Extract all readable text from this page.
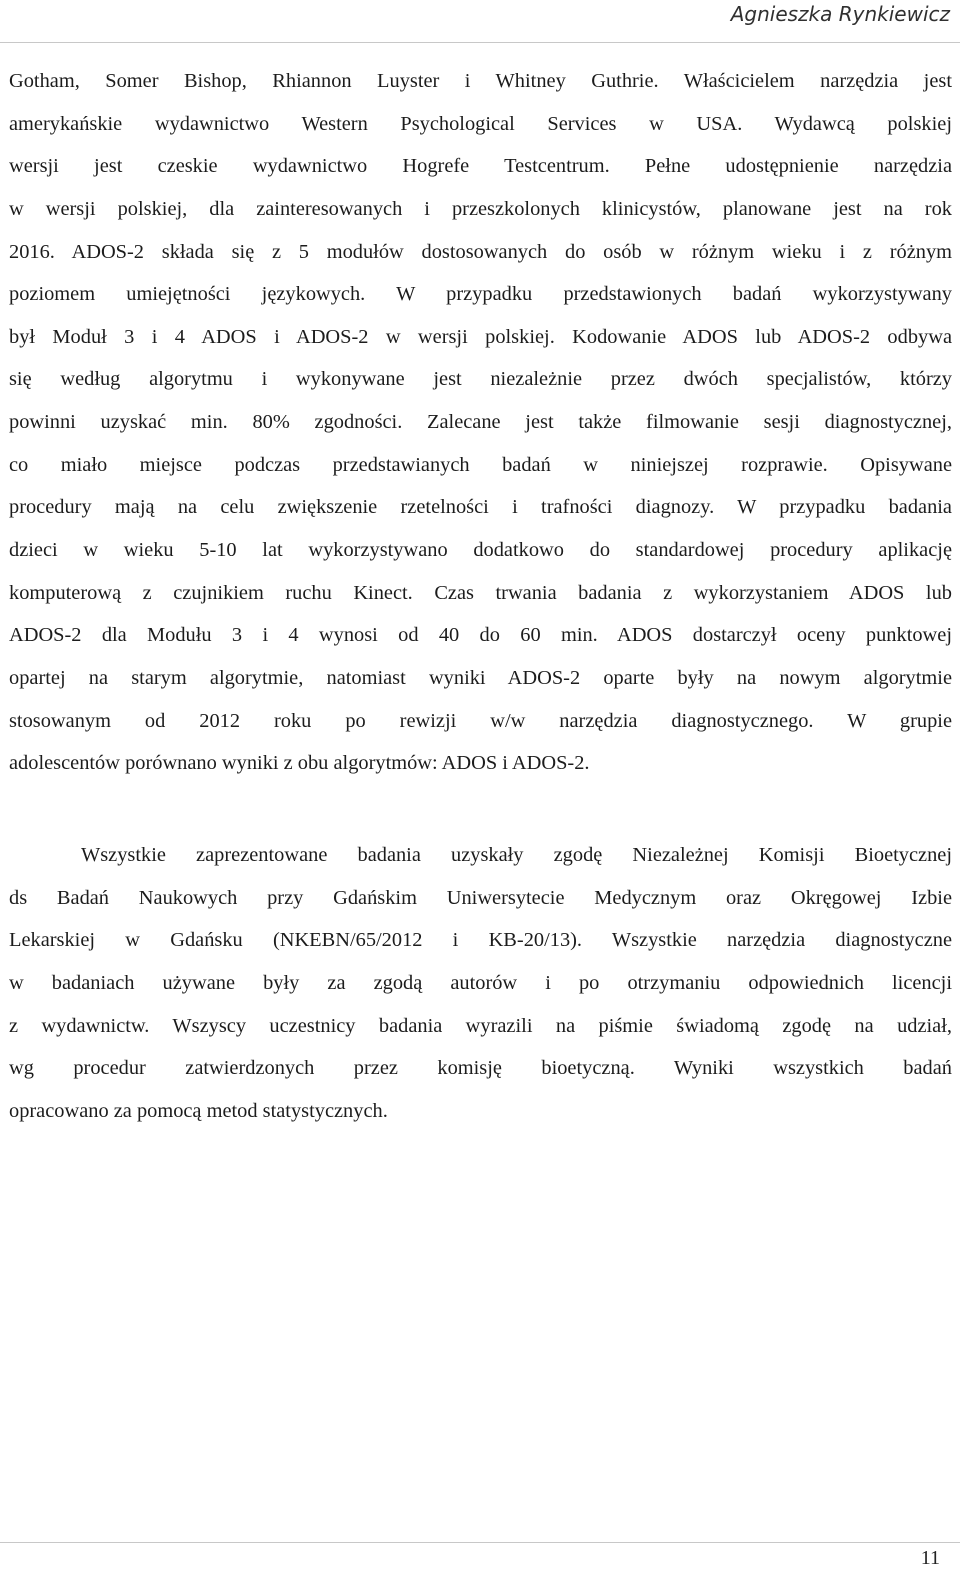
Agnieszka Rynkiewicz
Gotham, Somer Bishop, Rhiannon Luyster i Whitney Guthrie. Właścicielem narzędzia jest
amerykańskie wydawnictwo Western Psychological Services w USA. Wydawcą polskiej
wersji jest czeskie wydawnictwo Hogrefe Testcentrum. Pełne udostępnienie narzędzia
w wersji polskiej, dla zainteresowanych i przeszkolonych klinicystów, planowane jest na rok
2016. ADOS-2 składa się z 5 modułów dostosowanych do osób w różnym wieku i z różnym
poziomem umiejętności językowych. W przypadku przedstawionych badań wykorzystywany
był Moduł 3 i 4 ADOS i ADOS-2 w wersji polskiej. Kodowanie ADOS lub ADOS-2 odbywa
się według algorytmu i wykonywane jest niezależnie przez dwóch specjalistów, którzy
powinni uzyskać min. 80% zgodności. Zalecane jest także filmowanie sesji diagnostycznej,
co miało miejsce podczas przedstawianych badań w niniejszej rozprawie. Opisywane
procedury mają na celu zwiększenie rzetelności i trafności diagnozy. W przypadku badania
dzieci w wieku 5-10 lat wykorzystywano dodatkowo do standardowej procedury aplikację
komputerową z czujnikiem ruchu Kinect. Czas trwania badania z wykorzystaniem ADOS lub
ADOS-2 dla Modułu 3 i 4 wynosi od 40 do 60 min. ADOS dostarczył oceny punktowej
opartej na starym algorytmie, natomiast wyniki ADOS-2 oparte były na nowym algorytmie
stosowanym od 2012 roku po rewizji w/w narzędzia diagnostycznego. W grupie
adolescentów porównano wyniki z obu algorytmów: ADOS i ADOS-2.
Wszystkie zaprezentowane badania uzyskały zgodę Niezależnej Komisji Bioetycznej
ds Badań Naukowych przy Gdańskim Uniwersytecie Medycznym oraz Okręgowej Izbie
Lekarskiej w Gdańsku (NKEBN/65/2012 i KB-20/13). Wszystkie narzędzia diagnostyczne
w badaniach używane były za zgodą autorów i po otrzymaniu odpowiednich licencji
z wydawnictw. Wszyscy uczestnicy badania wyrazili na piśmie świadomą zgodę na udział,
wg procedur zatwierdzonych przez komisję bioetyczną. Wyniki wszystkich badań
opracowano za pomocą metod statystycznych.
11
